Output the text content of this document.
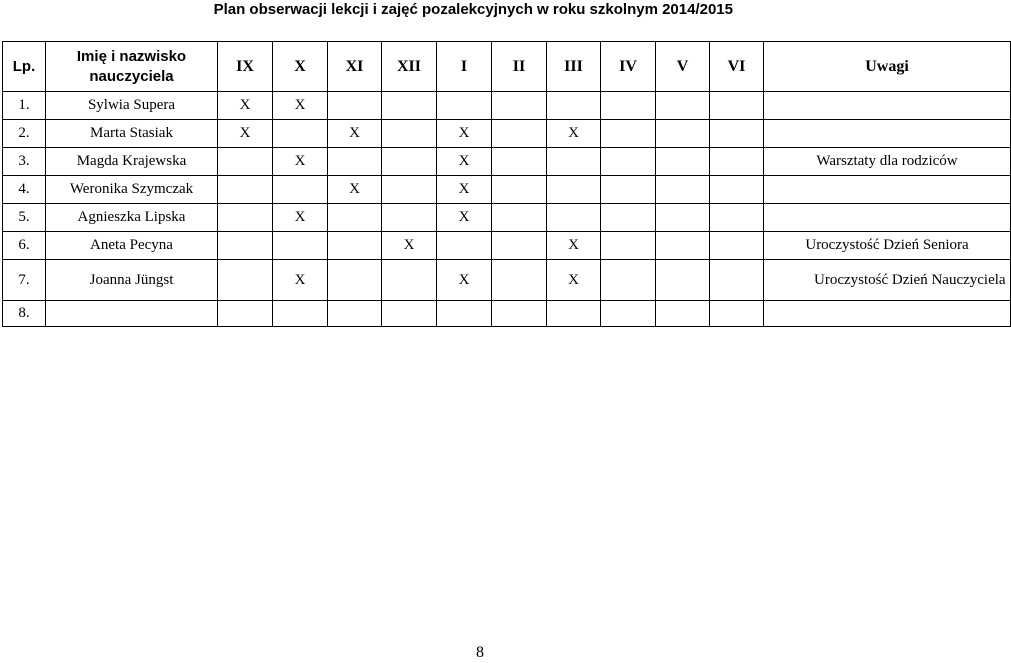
Plan obserwacji lekcji i zajęć pozalekcyjnych w roku szkolnym 2014/2015
Lp.	Imię i nazwisko nauczyciela	IX	X	XI	XII	I	II	III	IV	V	VI	Uwagi
1.	Sylwia Supera	X	X									
2.	Marta Stasiak	X		X		X		X				
3.	Magda Krajewska		X			X						Warsztaty dla rodziców
4.	Weronika Szymczak			X		X						
5.	Agnieszka Lipska		X			X						
6.	Aneta Pecyna				X			X				Uroczystość Dzień Seniora
7.	Joanna Jüngst		X			X		X				Uroczystość Dzień Nauczyciela
8.												
8
